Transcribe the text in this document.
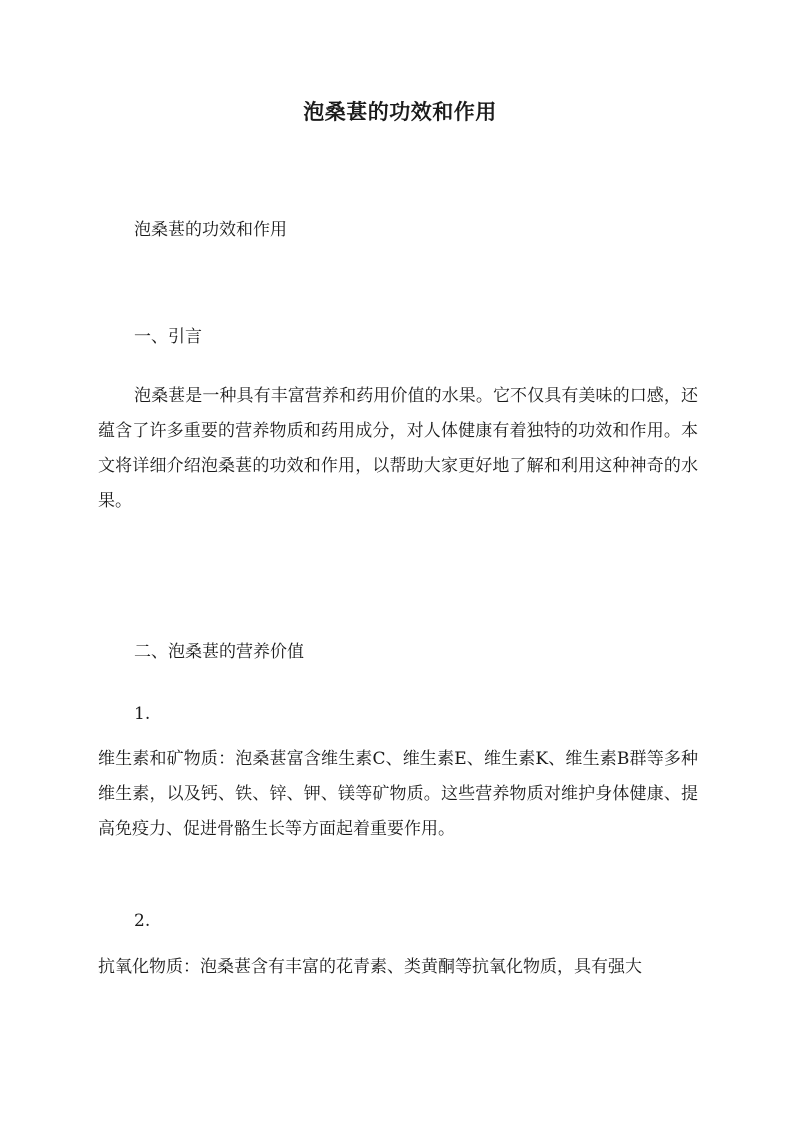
泡桑葚的功效和作用

泡桑葚的功效和作用

一、引言

泡桑葚是一种具有丰富营养和药用价值的水果。它不仅具有美味的口感，还蕴含了许多重要的营养物质和药用成分，对人体健康有着独特的功效和作用。本文将详细介绍泡桑葚的功效和作用，以帮助大家更好地了解和利用这种神奇的水果。

二、泡桑葚的营养价值

1.

维生素和矿物质：泡桑葚富含维生素C、维生素E、维生素K、维生素B群等多种维生素，以及钙、铁、锌、钾、镁等矿物质。这些营养物质对维护身体健康、提高免疫力、促进骨骼生长等方面起着重要作用。

2.

抗氧化物质：泡桑葚含有丰富的花青素、类黄酮等抗氧化物质，具有强大
